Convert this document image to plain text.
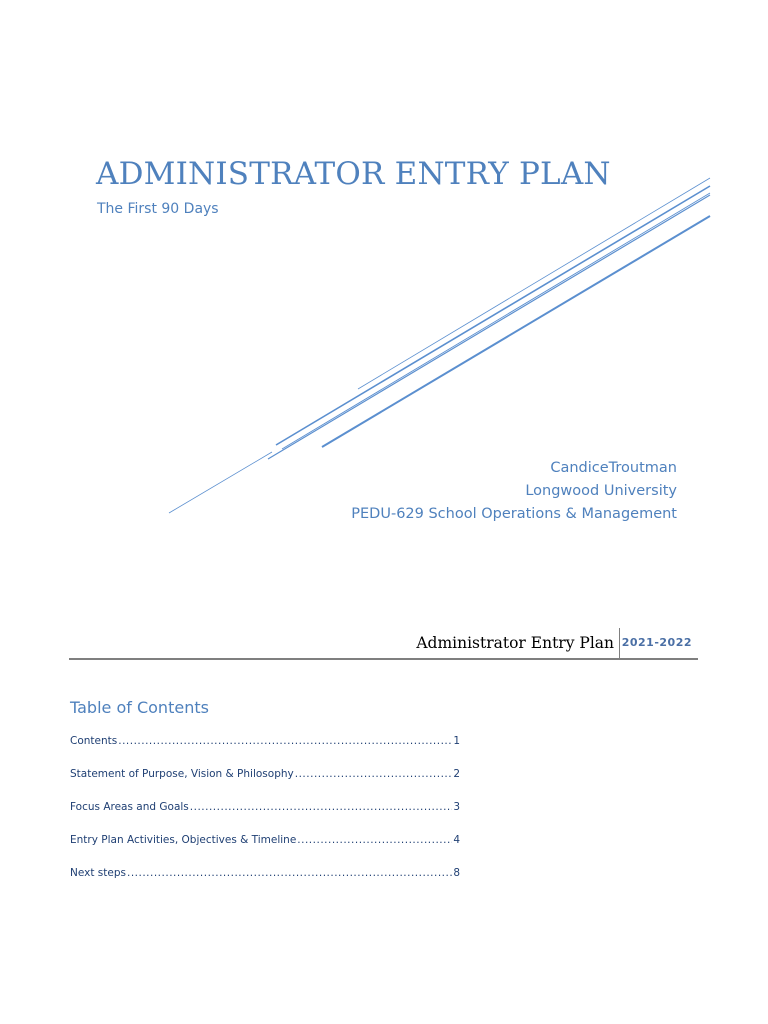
ADMINISTRATOR ENTRY PLAN
The First 90 Days
CandiceTroutman
Longwood University
PEDU-629 School Operations & Management
Administrator Entry Plan 2021-2022
Table of Contents
Contents .....	1
Statement of Purpose, Vision & Philosophy .....	2
Focus Areas and Goals .....	3
Entry Plan Activities, Objectives & Timeline .....	4
Next steps .....	8
